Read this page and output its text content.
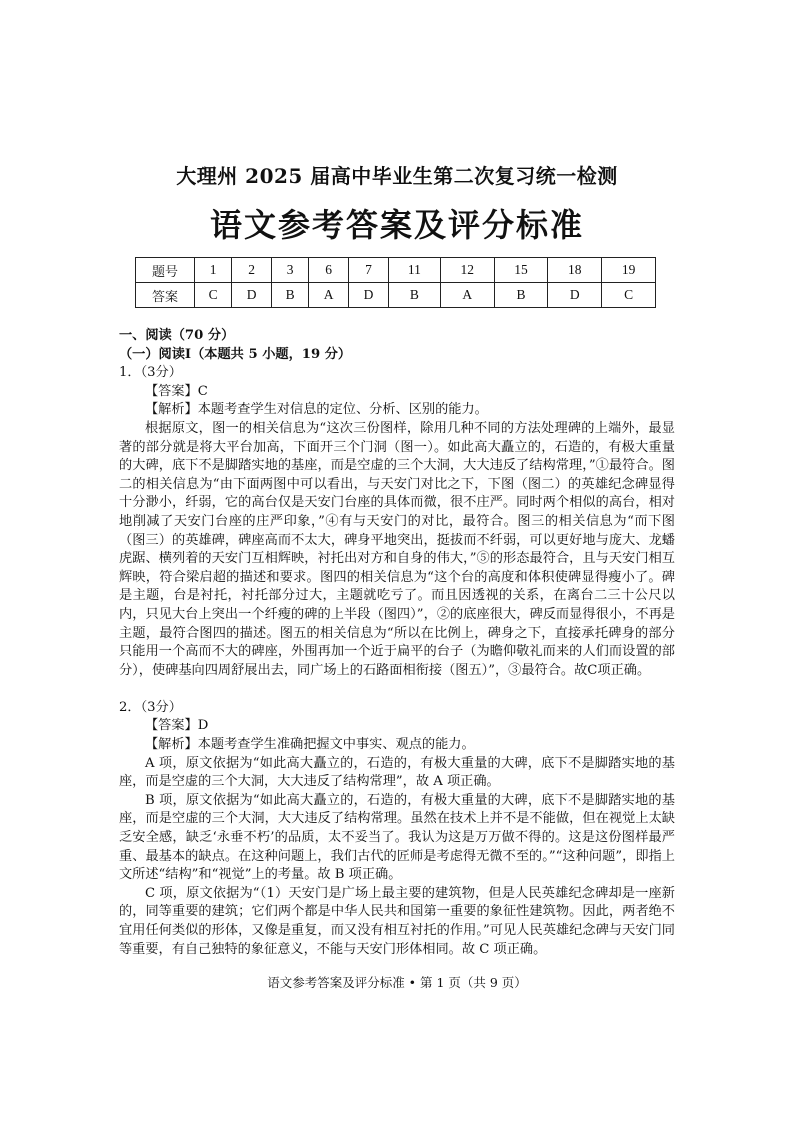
大理州 2025 届高中毕业生第二次复习统一检测
语文参考答案及评分标准
题号	1	2	3	6	7	11	12	15	18	19
答案	C	D	B	A	D	B	A	B	D	C

一、阅读（70 分）

（一）阅读Ⅰ（本题共 5 小题，19 分）

1．（3分）

【答案】C

【解析】本题考查学生对信息的定位、分析、区别的能力。

根据原文，图一的相关信息为“这次三份图样，除用几种不同的方法处理碑的上端外，最显著的部分就是将大平台加高，下面开三个门洞（图一）。如此高大矗立的，石造的，有极大重量的大碑，底下不是脚踏实地的基座，而是空虚的三个大洞，大大违反了结构常理，”①最符合。图二的相关信息为“由下面两图中可以看出，与天安门对比之下，下图（图二）的英雄纪念碑显得十分渺小，纤弱，它的高台仅是天安门台座的具体而微，很不庄严。同时两个相似的高台，相对地削减了天安门台座的庄严印象，”④有与天安门的对比，最符合。图三的相关信息为“而下图（图三）的英雄碑，碑座高而不太大，碑身平地突出，挺拔而不纤弱，可以更好地与庞大、龙蟠虎踞、横列着的天安门互相辉映，衬托出对方和自身的伟大，”⑤的形态最符合，且与天安门相互辉映，符合梁启超的描述和要求。图四的相关信息为“这个台的高度和体积使碑显得瘦小了。碑是主题，台是衬托，衬托部分过大，主题就吃亏了。而且因透视的关系，在离台二三十公尺以内，只见大台上突出一个纤瘦的碑的上半段（图四）”，②的底座很大，碑反而显得很小，不再是主题，最符合图四的描述。图五的相关信息为“所以在比例上，碑身之下，直接承托碑身的部分只能用一个高而不大的碑座，外围再加一个近于扁平的台子（为瞻仰敬礼而来的人们而设置的部分），使碑基向四周舒展出去，同广场上的石路面相衔接（图五）”，③最符合。故C项正确。

2．（3分）

【答案】D

【解析】本题考查学生准确把握文中事实、观点的能力。

A 项，原文依据为“如此高大矗立的，石造的，有极大重量的大碑，底下不是脚踏实地的基座，而是空虚的三个大洞，大大违反了结构常理”，故 A 项正确。

B 项，原文依据为“如此高大矗立的，石造的，有极大重量的大碑，底下不是脚踏实地的基座，而是空虚的三个大洞，大大违反了结构常理。虽然在技术上并不是不能做，但在视觉上太缺乏安全感，缺乏‘永垂不朽’的品质，太不妥当了。我认为这是万万做不得的。这是这份图样最严重、最基本的缺点。在这种问题上，我们古代的匠师是考虑得无微不至的。”“这种问题”，即指上文所述“结构”和“视觉”上的考量。故 B 项正确。

C 项，原文依据为“（1）天安门是广场上最主要的建筑物，但是人民英雄纪念碑却是一座新的，同等重要的建筑；它们两个都是中华人民共和国第一重要的象征性建筑物。因此，两者绝不宜用任何类似的形体，又像是重复，而又没有相互衬托的作用。”可见人民英雄纪念碑与天安门同等重要，有自己独特的象征意义，不能与天安门形体相同。故 C 项正确。

语文参考答案及评分标准 • 第 1 页（共 9 页）
